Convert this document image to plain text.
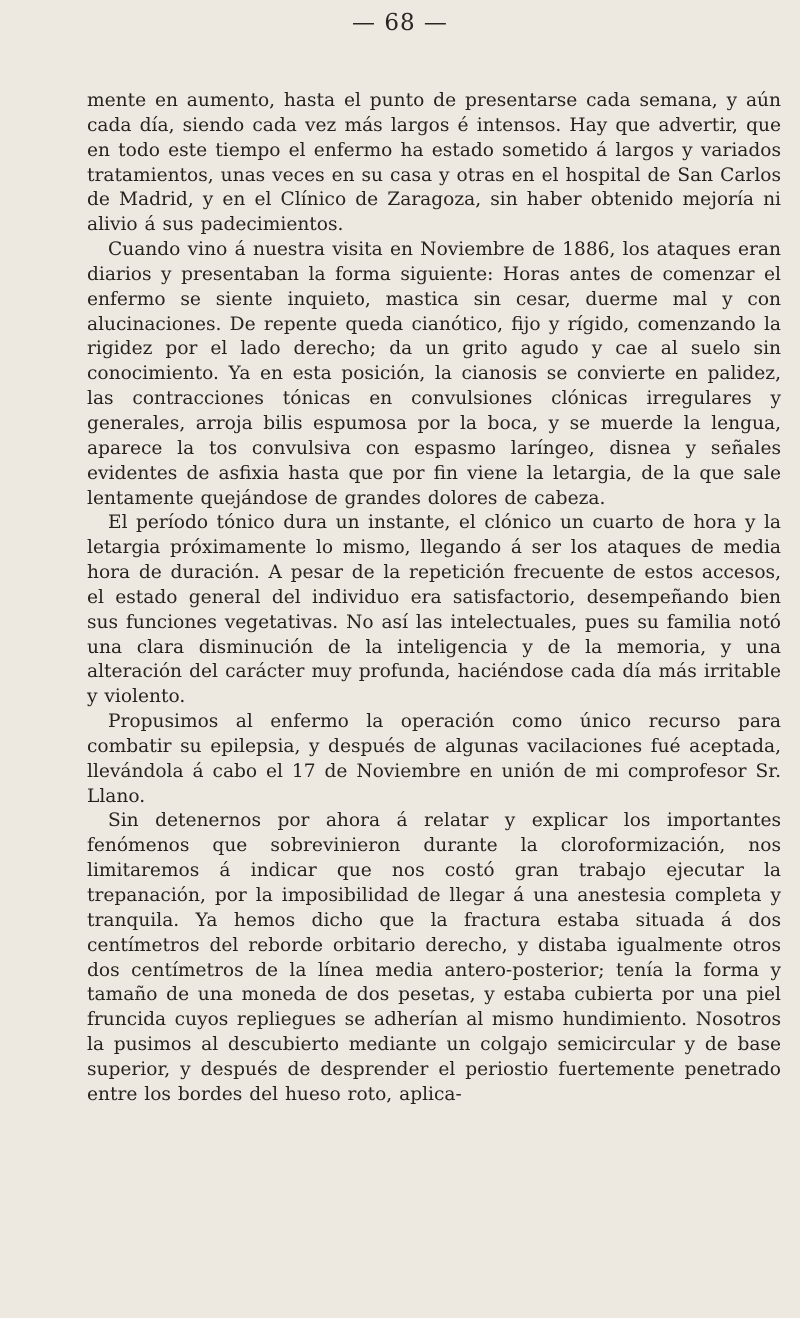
— 68 —

mente en aumento, hasta el punto de presentarse cada semana, y aún cada día, siendo cada vez más largos é intensos. Hay que advertir, que en todo este tiempo el enfermo ha estado sometido á largos y variados tratamientos, unas veces en su casa y otras en el hospital de San Carlos de Madrid, y en el Clínico de Zaragoza, sin haber obtenido mejoría ni alivio á sus padecimientos.

Cuando vino á nuestra visita en Noviembre de 1886, los ataques eran diarios y presentaban la forma siguiente: Horas antes de comenzar el enfermo se siente inquieto, mastica sin cesar, duerme mal y con alucinaciones. De repente queda cianótico, fijo y rígido, comenzando la rigidez por el lado derecho; da un grito agudo y cae al suelo sin conocimiento. Ya en esta posición, la cianosis se convierte en palidez, las contracciones tónicas en convulsiones clónicas irregulares y generales, arroja bilis espumosa por la boca, y se muerde la lengua, aparece la tos convulsiva con espasmo laríngeo, disnea y señales evidentes de asfixia hasta que por fin viene la letargia, de la que sale lentamente quejándose de grandes dolores de cabeza.

El período tónico dura un instante, el clónico un cuarto de hora y la letargia próximamente lo mismo, llegando á ser los ataques de media hora de duración. A pesar de la repetición frecuente de estos accesos, el estado general del individuo era satisfactorio, desempeñando bien sus funciones vegetativas. No así las intelectuales, pues su familia notó una clara disminución de la inteligencia y de la memoria, y una alteración del carácter muy profunda, haciéndose cada día más irritable y violento.

Propusimos al enfermo la operación como único recurso para combatir su epilepsia, y después de algunas vacilaciones fué aceptada, llevándola á cabo el 17 de Noviembre en unión de mi comprofesor Sr. Llano.

Sin detenernos por ahora á relatar y explicar los importantes fenómenos que sobrevinieron durante la cloroformización, nos limitaremos á indicar que nos costó gran trabajo ejecutar la trepanación, por la imposibilidad de llegar á una anestesia completa y tranquila. Ya hemos dicho que la fractura estaba situada á dos centímetros del reborde orbitario derecho, y distaba igualmente otros dos centímetros de la línea media antero-posterior; tenía la forma y tamaño de una moneda de dos pesetas, y estaba cubierta por una piel fruncida cuyos repliegues se adherían al mismo hundimiento. Nosotros la pusimos al descubierto mediante un colgajo semicircular y de base superior, y después de desprender el periostio fuertemente penetrado entre los bordes del hueso roto, aplica-
